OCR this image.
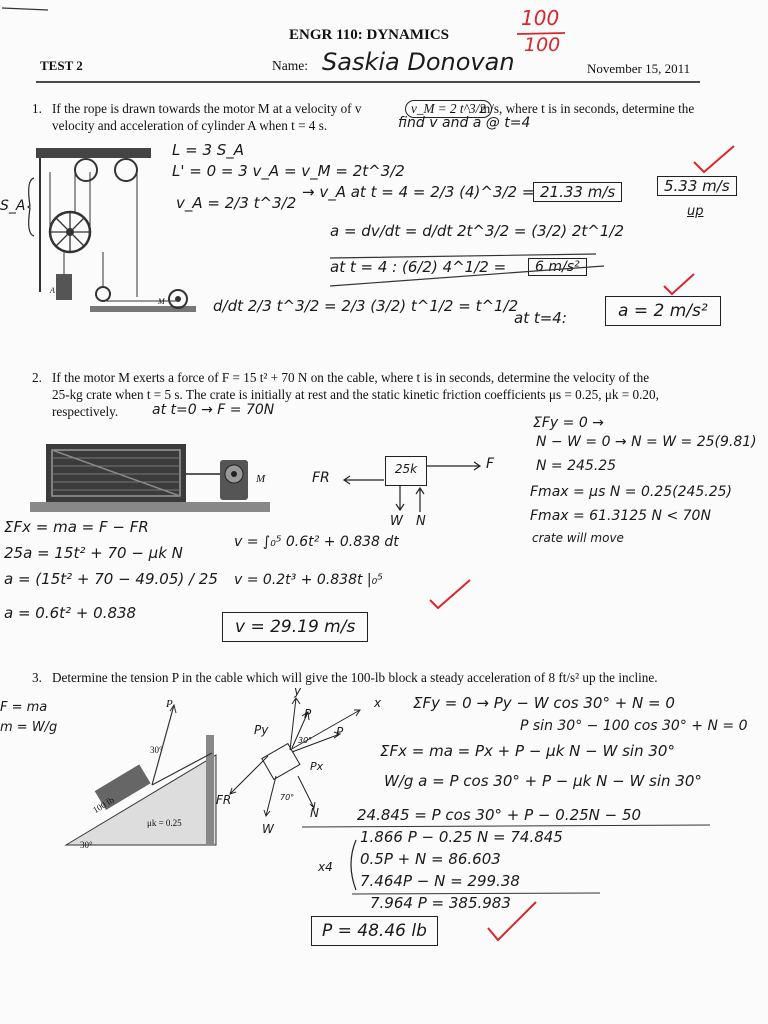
ENGR 110: DYNAMICS
TEST 2	Name: Saskia Donovan	November 15, 2011
100
100
1. If the rope is drawn towards the motor M at a velocity of v	v_M = 2 t^3/2
m/s, where t is in seconds, determine the
velocity and acceleration of cylinder A when t = 4 s.	find v and a @ t=4
A
M
S_A
L = 3 S_A
L' = 0 = 3 v_A = v_M = 2t^3/2
v_A = 2/3 t^3/2
→ v_A at t = 4 = 2/3 (4)^3/2 = 21.33 m/s	5.33 m/s
up
a = dv/dt = d/dt 2t^3/2 = (3/2) 2t^1/2
at t = 4 : (6/2) 4^1/2 =	6 m/s²
d/dt 2/3 t^3/2 = 2/3 (3/2) t^1/2 = t^1/2
at t=4:	a = 2 m/s²
2. If the motor M exerts a force of F = 15 t² + 70 N on the cable, where t is in seconds, determine the velocity of the
25-kg crate when t = 5 s. The crate is initially at rest and the static kinetic friction coefficients μs = 0.25, μk = 0.20,
respectively. at t=0 → F = 70N
M
25k	F
FR
W N
ΣFy = 0 →
N − W = 0 → N = W = 25(9.81)
N = 245.25
Fmax = μs N = 0.25(245.25)
Fmax = 61.3125 N < 70N
crate will move
ΣFx = ma = F − FR
25a = 15t² + 70 − μk N
a = (15t² + 70 − 49.05) / 25
a = 0.6t² + 0.838
v = ∫₀⁵ 0.6t² + 0.838 dt
v = 0.2t³ + 0.838t |₀⁵
v = 29.19 m/s
3. Determine the tension P in the cable which will give the 100-lb block a steady acceleration of 8 ft/s² up the incline.
F = ma
m = W/g
100 lb
μk = 0.25
30°
30°
P
y
x
Py
P
Px
P
FR
W
N
30°
70°
ΣFy = 0 → Py − W cos 30° + N = 0
P sin 30° − 100 cos 30° + N = 0
ΣFx = ma = Px + P − μk N − W sin 30°
W/g a = P cos 30° + P − μk N − W sin 30°
24.845 = P cos 30° + P − 0.25N − 50
1.866 P − 0.25 N = 74.845
0.5P + N = 86.603
7.464P − N = 299.38
7.964 P = 385.983
x4
P = 48.46 lb
